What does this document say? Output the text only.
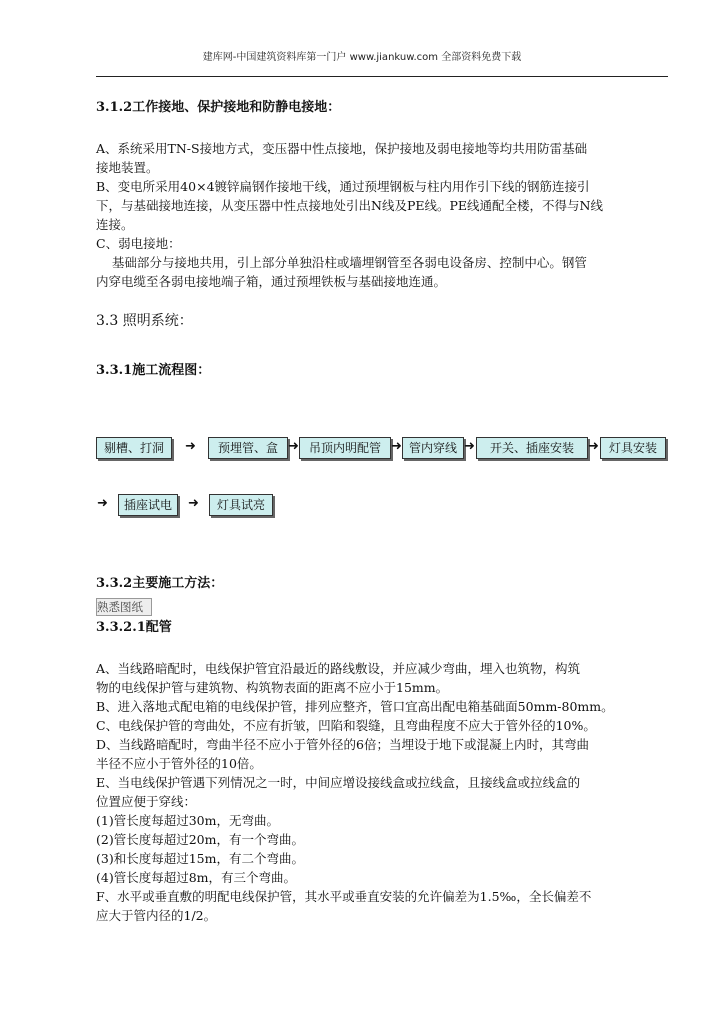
建库网-中国建筑资料库第一门户 www.jiankuw.com 全部资料免费下载
3.1.2工作接地、保护接地和防静电接地：
A、系统采用TN-S接地方式，变压器中性点接地，保护接地及弱电接地等均共用防雷基础
接地装置。
B、变电所采用40×4镀锌扁钢作接地干线，通过预埋钢板与柱内用作引下线的钢筋连接引
下，与基础接地连接，从变压器中性点接地处引出N线及PE线。PE线通配全楼，不得与N线
连接。
C、弱电接地：
基础部分与接地共用，引上部分单独沿柱或墙埋钢管至各弱电设备房、控制中心。钢管
内穿电缆至各弱电接地端子箱，通过预埋铁板与基础接地连通。
3.3 照明系统：
3.3.1施工流程图：
剔槽、打洞	➜	预埋管、盒 ➜ 吊顶内明配管 ➜ 管内穿线 ➜	开关、插座安装	➜ 灯具安装
➜	插座试电	➜	灯具试亮
3.3.2主要施工方法：
熟悉图纸
3.3.2.1配管
A、当线路暗配时，电线保护管宜沿最近的路线敷设，并应减少弯曲，埋入也筑物，构筑
物的电线保护管与建筑物、构筑物表面的距离不应小于15mm。
B、进入落地式配电箱的电线保护管，排列应整齐，管口宜高出配电箱基础面50mm-80mm。
C、电线保护管的弯曲处，不应有折皱，凹陷和裂缝，且弯曲程度不应大于管外径的10%。
D、当线路暗配时，弯曲半径不应小于管外径的6倍；当埋设于地下或混凝上内时，其弯曲
半径不应小于管外径的10倍。
E、当电线保护管遇下列情况之一时，中间应增设接线盒或拉线盒，且接线盒或拉线盒的
位置应便于穿线：
(1)管长度每超过30m，无弯曲。
(2)管长度每超过20m，有一个弯曲。
(3)和长度每超过15m，有二个弯曲。
(4)管长度每超过8m，有三个弯曲。
F、水平或垂直敷的明配电线保护管，其水平或垂直安装的允许偏差为1.5‰，全长偏差不
应大于管内径的1/2。
